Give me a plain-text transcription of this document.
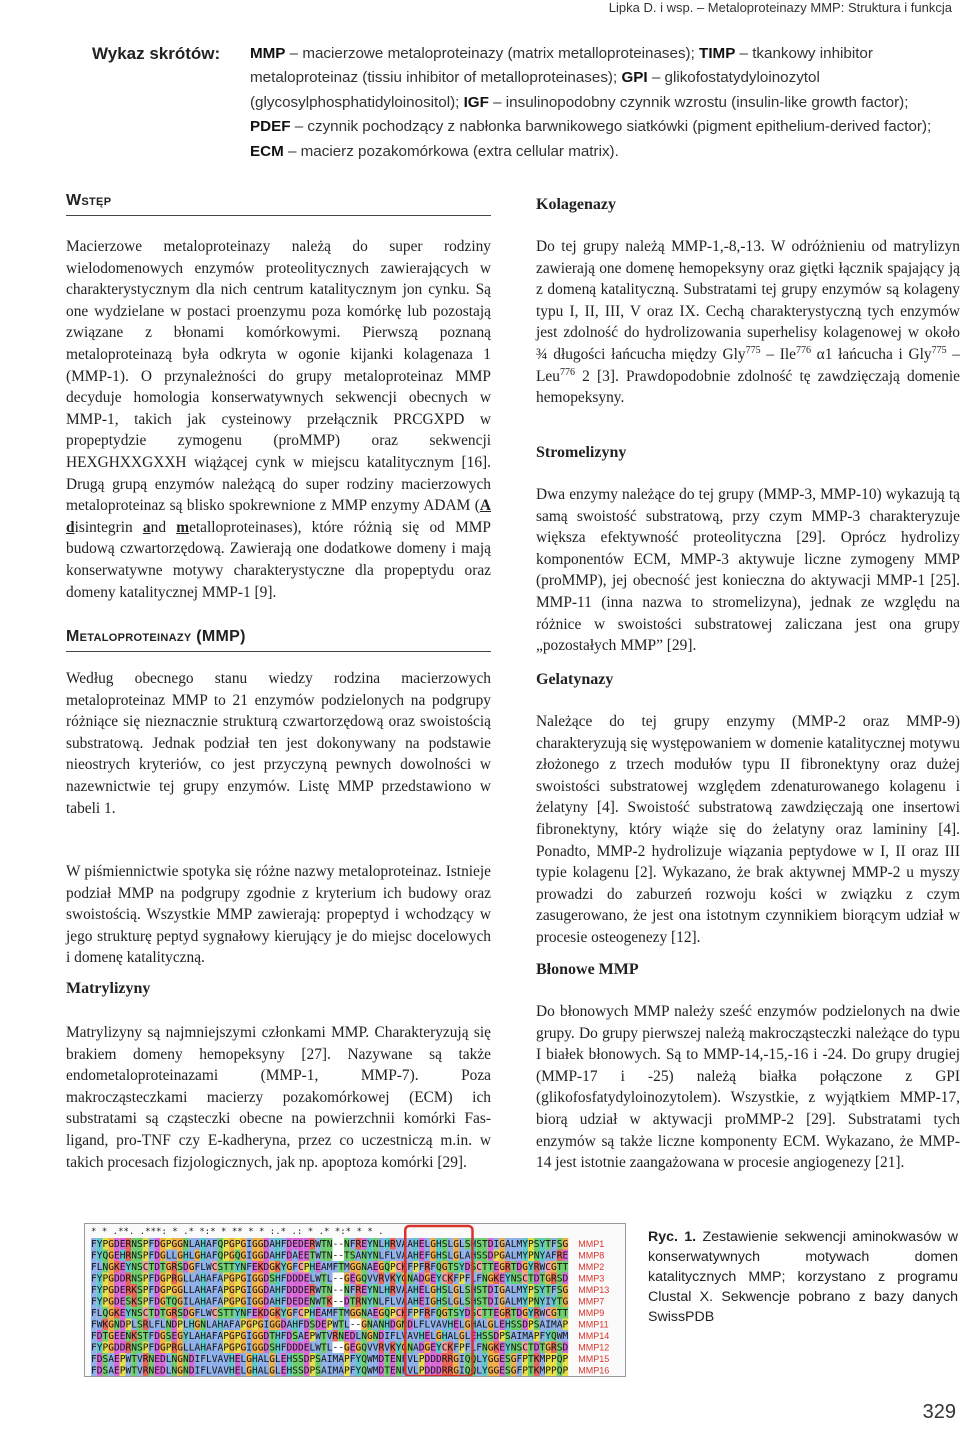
Lipka D. i wsp. – Metaloproteinazy MMP: Struktura i funkcja
Wykaz skrótów: MMP – macierzowe metaloproteinazy (matrix metalloproteinases); TIMP – tkankowy inhibitor metaloproteinaz (tissiu inhibitor of metalloproteinases); GPI – glikofostatydyloinozytol (glycosylphosphatidyloinositol); IGF – insulinopodobny czynnik wzrostu (insulin-like growth factor); PDEF – czynnik pochodzący z nabłonka barwnikowego siatkówki (pigment epithelium-derived factor); ECM – macierz pozakomórkowa (extra cellular matrix).
Wstęp

Macierzowe metaloproteinazy należą do super rodziny wielodomenowych enzymów proteolitycznych zawierających w charakterystycznym dla nich centrum katalitycznym jon cynku. Są one wydzielane w postaci proenzymu poza komórkę lub pozostają związane z błonami komórkowymi. Pierwszą poznaną metaloproteinazą była odkryta w ogonie kijanki kolagenaza 1 (MMP-1). O przynależności do grupy metaloproteinaz MMP decyduje homologia konserwatywnych sekwencji obecnych w MMP-1, takich jak cysteinowy przełącznik PRCGXPD w propeptydzie zymogenu (proMMP) oraz sekwencji HEXGHXXGXXH wiążącej cynk w miejscu katalitycznym [16]. Drugą grupą enzymów należącą do super rodziny macierzowych metaloproteinaz są blisko spokrewnione z MMP enzymy ADAM (A disintegrin and metalloproteinases), które różnią się od MMP budową czwartorzędową. Zawierają one dodatkowe domeny i mają konserwatywne motywy charakterystyczne dla propeptydu oraz domeny katalitycznej MMP-1 [9].

Metaloproteinazy (MMP)

Według obecnego stanu wiedzy rodzina macierzowych metaloproteinaz MMP to 21 enzymów podzielonych na podgrupy różniące się nieznacznie strukturą czwartorzędową oraz swoistością substratową. Jednak podział ten jest dokonywany na podstawie nieostrych kryteriów, co jest przyczyną pewnych dowolności w nazewnictwie tej grupy enzymów. Listę MMP przedstawiono w tabeli 1.

W piśmiennictwie spotyka się różne nazwy metaloproteinaz. Istnieje podział MMP na podgrupy zgodnie z kryterium ich budowy oraz swoistością. Wszystkie MMP zawierają: propeptyd i wchodzący w jego strukturę peptyd sygnałowy kierujący je do miejsc docelowych i domenę katalityczną.

Matrylizyny

Matrylizyny są najmniejszymi członkami MMP. Charakteryzują się brakiem domeny hemopeksyny [27]. Nazywane są także endometaloproteinazami (MMP-1, MMP-7). Poza makrocząsteczkami macierzy pozakomórkowej (ECM) ich substratami są cząsteczki obecne na powierzchnii komórki Fas-ligand, pro-TNF czy E-kadheryna, przez co uczestniczą m.in. w takich procesach fizjologicznych, jak np. apoptoza komórki [29].

Kolagenazy

Do tej grupy należą MMP-1,-8,-13. W odróżnieniu od matrylizyn zawierają one domenę hemopeksyny oraz giętki łącznik spajający ją z domeną katalityczną. Substratami tej grupy enzymów są kolageny typu I, II, III, V oraz IX. Cechą charakterystyczną tych enzymów jest zdolność do hydrolizowania superhelisy kolagenowej w około ¾ długości łańcucha między Gly$^{775}$ – Ile$^{776}$ α1 łańcucha i Gly$^{775}$ – Leu$^{776}$ 2 [3]. Prawdopodobnie zdolność tę zawdzięczają domenie hemopeksyny.

Stromelizyny

Dwa enzymy należące do tej grupy (MMP-3, MMP-10) wykazują tą samą swoistość substratową, przy czym MMP-3 charakteryzuje większa efektywność proteolityczna [29]. Oprócz hydrolizy komponentów ECM, MMP-3 aktywuje liczne zymogeny MMP (proMMP), jej obecność jest konieczna do aktywacji MMP-1 [25]. MMP-11 (inna nazwa to stromelizyna), jednak ze względu na różnice w swoistości substratowej zaliczana jest ona grupy „pozostałych MMP” [29].

Gelatynazy

Należące do tej grupy enzymy (MMP-2 oraz MMP-9) charakteryzują się występowaniem w domenie katalitycznej motywu złożonego z trzech modułów typu II fibronektyny oraz dużej swoistości substratowej względem zdenaturowanego kolagenu i żelatyny [4]. Swoistość substratową zawdzięczają one insertowi fibronektyny, który wiąże się do żelatyny oraz lamininy [4]. Ponadto, MMP-2 hydrolizuje wiązania peptydowe w I, II oraz III typie kolagenu [2]. Wykazano, że brak aktywnej MMP-2 u myszy prowadzi do zaburzeń rozwoju kości w związku z czym zasugerowano, że jest ona istotnym czynnikiem biorącym udział w procesie osteogenezy [12].

Błonowe MMP

Do błonowych MMP należy sześć enzymów podzielonych na dwie grupy. Do grupy pierwszej należą makrocząsteczki należące do typu I białek błonowych. Są to MMP-14,-15,-16 i -24. Do grupy drugiej (MMP-17 i -25) należą białka połączone z GPI (glikofosfatydyloinozytolem). Wszystkie, z wyjątkiem MMP-17, biorą udział w aktywacji proMMP-2 [29]. Substratami tych enzymów są także liczne komponenty ECM. Wykazano, że MMP-14 jest istotnie zaangażowana w procesie angiogenezy [21].

* * .**. .***: * .* *:* * ** * * :.* .: * .* *:* * * .
FYPGDERNSPFDGPGGNLAHAFQPGPGIGGDAHFDEDERWTN--NFREYNLHRVAAHELGHSLGLSHSTDIGALMYPSYTFSG MMP1
FYQGEHRNSPFDGLLGHLGHAFQPGQGIGGDAHFDAEETWTN--TSANYNLFLVAAHEFGHSLGLAHSSDPGALMYPNYAFRE MMP8
FLNGKEYNSCTDTGRSDGFLWCSTTYNFEKDGKYGFCPHEAMFTMGGNAEGQPCKFPFRFQGTSYDSCTTEGRTDGYRWCGTT MMP2
FYPGDDRNSPFDGPRGLLAHAFAPGPGIGGDSHFDDDELWTL--GEGQVVRVKYGNADGEYCKFPFLFNGKEYNSCTDTGRSD MMP3
FYPGDERKSPFDGPGGLLAHAFAPGPGIGGDAHFDDDERWTN--NFREYNLHRVAAHELGHSLGLSHSTDIGALMYPSYTFSG MMP13
FYPGDESKSPFDGTQGILAHAFAPGPGIGGDAHFDEDENWTK--DTRNYNLFLVAAHEIGHSLGLSHSTDIGALMYPNYIYTG MMP7
FLQGKEYNSCTDTGRSDGFLWCSTTYNFEKDGKYGFCPHEAMFTMGGNAEGQPCKFPFRFQGTSYDSCTTEGRTDGYRWCGTT MMP9
FWKGNDPLSRLFLNDPLHGNLAHAFAPGPGIGGDAHFDSDEPWTL--GNANHDGNDLFLVAVHELGHALGLEHSSDPSAIMAP MMP11
FDTGEENKSTFDGSEGYLAHAFAPGPGIGGDTHFDSAEPWTVRNEDLNGNDIFLVAVHELGHALGLEHSSDPSAIMAPFYQWM MMP14
FYPGDDRNSPFDGPRGLLAHAFAPGPGIGGDSHFDDDELWTL--GEGQVVRVKYGNADGEYCKFPFLFNGKEYNSCTDTGRSD MMP12
FDSAEPWTVRNEDLNGNDIFLVAVHELGHALGLEHSSDPSAIMAPFYQWMDTENFVLPDDDRRGIQQLYGGESGFPTKMPPQP MMP15
FDSAEPWTVRNEDLNGNDIFLVAVHELGHALGLEHSSDPSAIMAPFYQWMDTENFVLPDDDRRGIQQLYGGESGFPTKMPPQP MMP16
Ryc. 1. Zestawienie sekwencji aminokwasów w konserwatywnych motywach domen katalitycznych MMP; korzystano z programu Clustal X. Sekwencje pobrano z bazy danych SwissPDB
329
